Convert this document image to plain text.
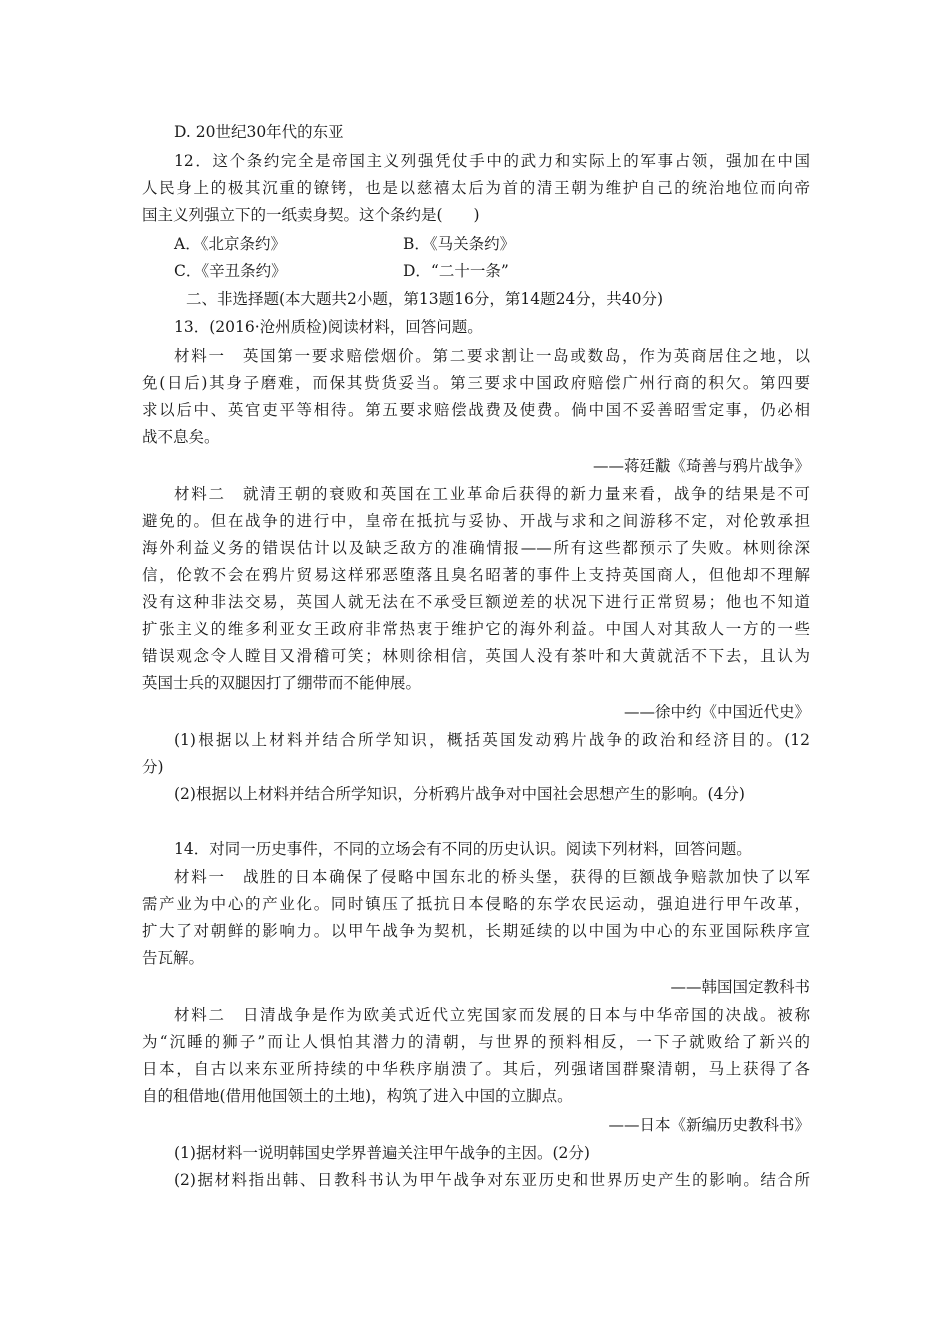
D. 20世纪30年代的东亚
12．这个条约完全是帝国主义列强凭仗手中的武力和实际上的军事占领，强加在中国
人民身上的极其沉重的镣铐，也是以慈禧太后为首的清王朝为维护自己的统治地位而向帝
国主义列强立下的一纸卖身契。这个条约是(　　)
A．《北京条约》	B．《马关条约》
C．《辛丑条约》	D．“二十一条”
二、非选择题(本大题共2小题，第13题16分，第14题24分，共40分)
13．(2016·沧州质检)阅读材料，回答问题。
材料一　英国第一要求赔偿烟价。第二要求割让一岛或数岛，作为英商居住之地，以
免(日后)其身子磨难，而保其赀货妥当。第三要求中国政府赔偿广州行商的积欠。第四要
求以后中、英官吏平等相待。第五要求赔偿战费及使费。倘中国不妥善昭雪定事，仍必相
战不息矣。
——蒋廷黻《琦善与鸦片战争》
材料二　就清王朝的衰败和英国在工业革命后获得的新力量来看，战争的结果是不可
避免的。但在战争的进行中，皇帝在抵抗与妥协、开战与求和之间游移不定，对伦敦承担
海外利益义务的错误估计以及缺乏敌方的准确情报——所有这些都预示了失败。林则徐深
信，伦敦不会在鸦片贸易这样邪恶堕落且臭名昭著的事件上支持英国商人，但他却不理解
没有这种非法交易，英国人就无法在不承受巨额逆差的状况下进行正常贸易；他也不知道
扩张主义的维多利亚女王政府非常热衷于维护它的海外利益。中国人对其敌人一方的一些
错误观念令人瞠目又滑稽可笑；林则徐相信，英国人没有茶叶和大黄就活不下去，且认为
英国士兵的双腿因打了绷带而不能伸展。
——徐中约《中国近代史》
(1)根据以上材料并结合所学知识，概括英国发动鸦片战争的政治和经济目的。(12
分)
(2)根据以上材料并结合所学知识，分析鸦片战争对中国社会思想产生的影响。(4分)
14．对同一历史事件，不同的立场会有不同的历史认识。阅读下列材料，回答问题。
材料一　战胜的日本确保了侵略中国东北的桥头堡，获得的巨额战争赔款加快了以军
需产业为中心的产业化。同时镇压了抵抗日本侵略的东学农民运动，强迫进行甲午改革，
扩大了对朝鲜的影响力。以甲午战争为契机，长期延续的以中国为中心的东亚国际秩序宣
告瓦解。
——韩国国定教科书
材料二　日清战争是作为欧美式近代立宪国家而发展的日本与中华帝国的决战。被称
为“沉睡的狮子”而让人惧怕其潜力的清朝，与世界的预料相反，一下子就败给了新兴的
日本，自古以来东亚所持续的中华秩序崩溃了。其后，列强诸国群聚清朝，马上获得了各
自的租借地(借用他国领土的土地)，构筑了进入中国的立脚点。
——日本《新编历史教科书》
(1)据材料一说明韩国史学界普遍关注甲午战争的主因。(2分)
(2)据材料指出韩、日教科书认为甲午战争对东亚历史和世界历史产生的影响。结合所
